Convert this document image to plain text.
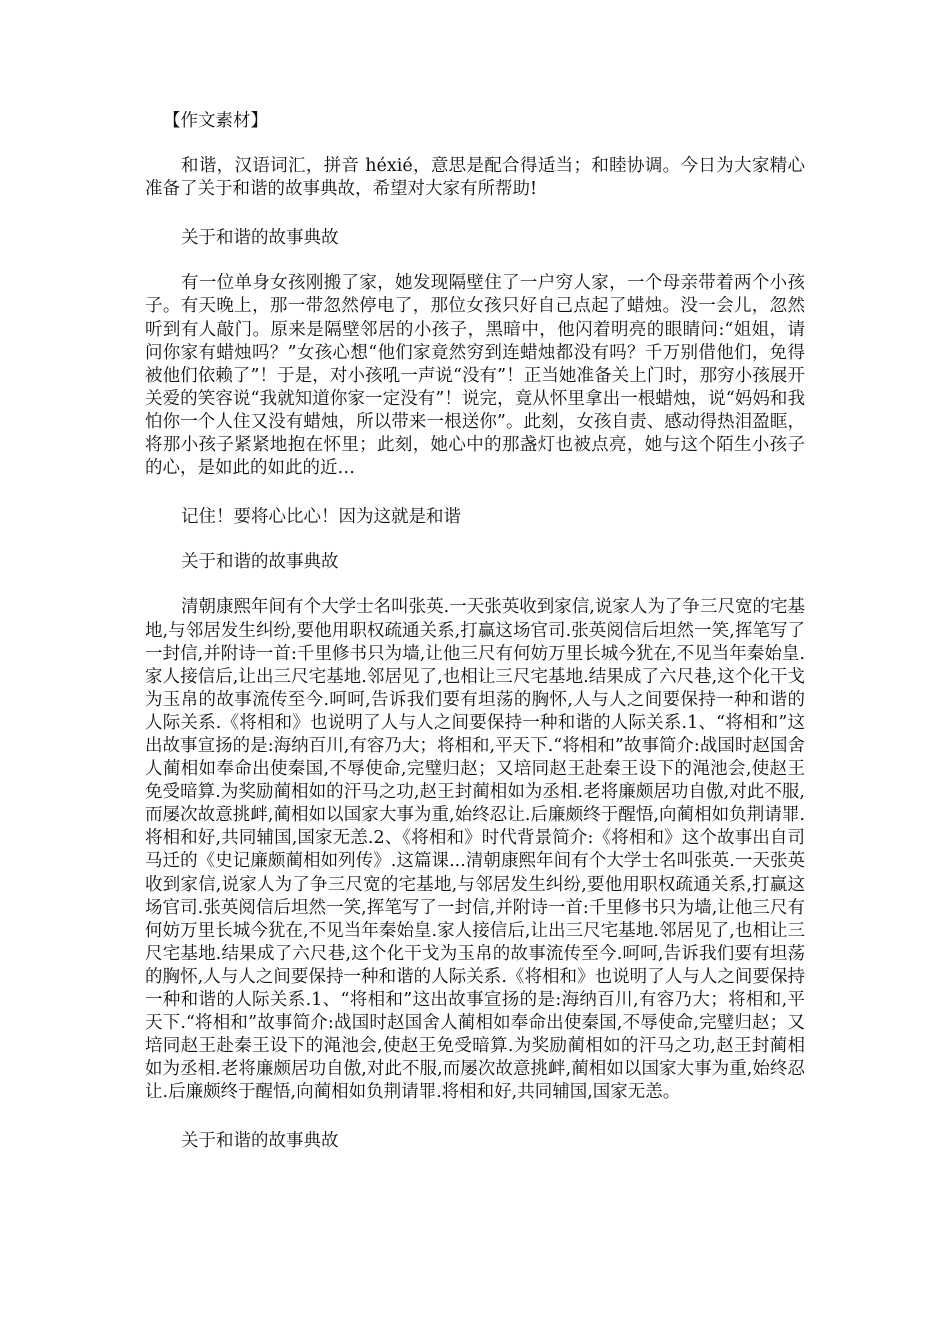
【作文素材】

和谐，汉语词汇，拼音 héxié，意思是配合得适当；和睦协调。今日为大家精心准备了关于和谐的故事典故，希望对大家有所帮助!

关于和谐的故事典故

有一位单身女孩刚搬了家，她发现隔壁住了一户穷人家，一个母亲带着两个小孩子。有天晚上，那一带忽然停电了，那位女孩只好自己点起了蜡烛。没一会儿，忽然听到有人敲门。原来是隔壁邻居的小孩子，黑暗中，他闪着明亮的眼睛问:“姐姐，请问你家有蜡烛吗？”女孩心想“他们家竟然穷到连蜡烛都没有吗？千万别借他们，免得被他们依赖了”！于是，对小孩吼一声说“没有”！正当她准备关上门时，那穷小孩展开关爱的笑容说“我就知道你家一定没有”！说完，竟从怀里拿出一根蜡烛，说“妈妈和我怕你一个人住又没有蜡烛，所以带来一根送你”。此刻，女孩自责、感动得热泪盈眶，将那小孩子紧紧地抱在怀里；此刻，她心中的那盏灯也被点亮，她与这个陌生小孩子的心，是如此的如此的近…

记住！要将心比心！因为这就是和谐

关于和谐的故事典故

清朝康熙年间有个大学士名叫张英.一天张英收到家信,说家人为了争三尺宽的宅基地,与邻居发生纠纷,要他用职权疏通关系,打赢这场官司.张英阅信后坦然一笑,挥笔写了一封信,并附诗一首:千里修书只为墙,让他三尺有何妨万里长城今犹在,不见当年秦始皇.家人接信后,让出三尺宅基地.邻居见了,也相让三尺宅基地.结果成了六尺巷,这个化干戈为玉帛的故事流传至今.呵呵,告诉我们要有坦荡的胸怀,人与人之间要保持一种和谐的人际关系.《将相和》也说明了人与人之间要保持一种和谐的人际关系.1、“将相和”这出故事宣扬的是:海纳百川,有容乃大；将相和,平天下.“将相和”故事简介:战国时赵国舍人蔺相如奉命出使秦国,不辱使命,完璧归赵；又培同赵王赴秦王设下的渑池会,使赵王免受暗算.为奖励蔺相如的汗马之功,赵王封蔺相如为丞相.老将廉颇居功自傲,对此不服,而屡次故意挑衅,蔺相如以国家大事为重,始终忍让.后廉颇终于醒悟,向蔺相如负荆请罪.将相和好,共同辅国,国家无恙.2、《将相和》时代背景简介:《将相和》这个故事出自司马迁的《史记廉颇蔺相如列传》.这篇课...清朝康熙年间有个大学士名叫张英.一天张英收到家信,说家人为了争三尺宽的宅基地,与邻居发生纠纷,要他用职权疏通关系,打赢这场官司.张英阅信后坦然一笑,挥笔写了一封信,并附诗一首:千里修书只为墙,让他三尺有何妨万里长城今犹在,不见当年秦始皇.家人接信后,让出三尺宅基地.邻居见了,也相让三尺宅基地.结果成了六尺巷,这个化干戈为玉帛的故事流传至今.呵呵,告诉我们要有坦荡的胸怀,人与人之间要保持一种和谐的人际关系.《将相和》也说明了人与人之间要保持一种和谐的人际关系.1、“将相和”这出故事宣扬的是:海纳百川,有容乃大；将相和,平天下.“将相和”故事简介:战国时赵国舍人蔺相如奉命出使秦国,不辱使命,完璧归赵；又培同赵王赴秦王设下的渑池会,使赵王免受暗算.为奖励蔺相如的汗马之功,赵王封蔺相如为丞相.老将廉颇居功自傲,对此不服,而屡次故意挑衅,蔺相如以国家大事为重,始终忍让.后廉颇终于醒悟,向蔺相如负荆请罪.将相和好,共同辅国,国家无恙。

关于和谐的故事典故
